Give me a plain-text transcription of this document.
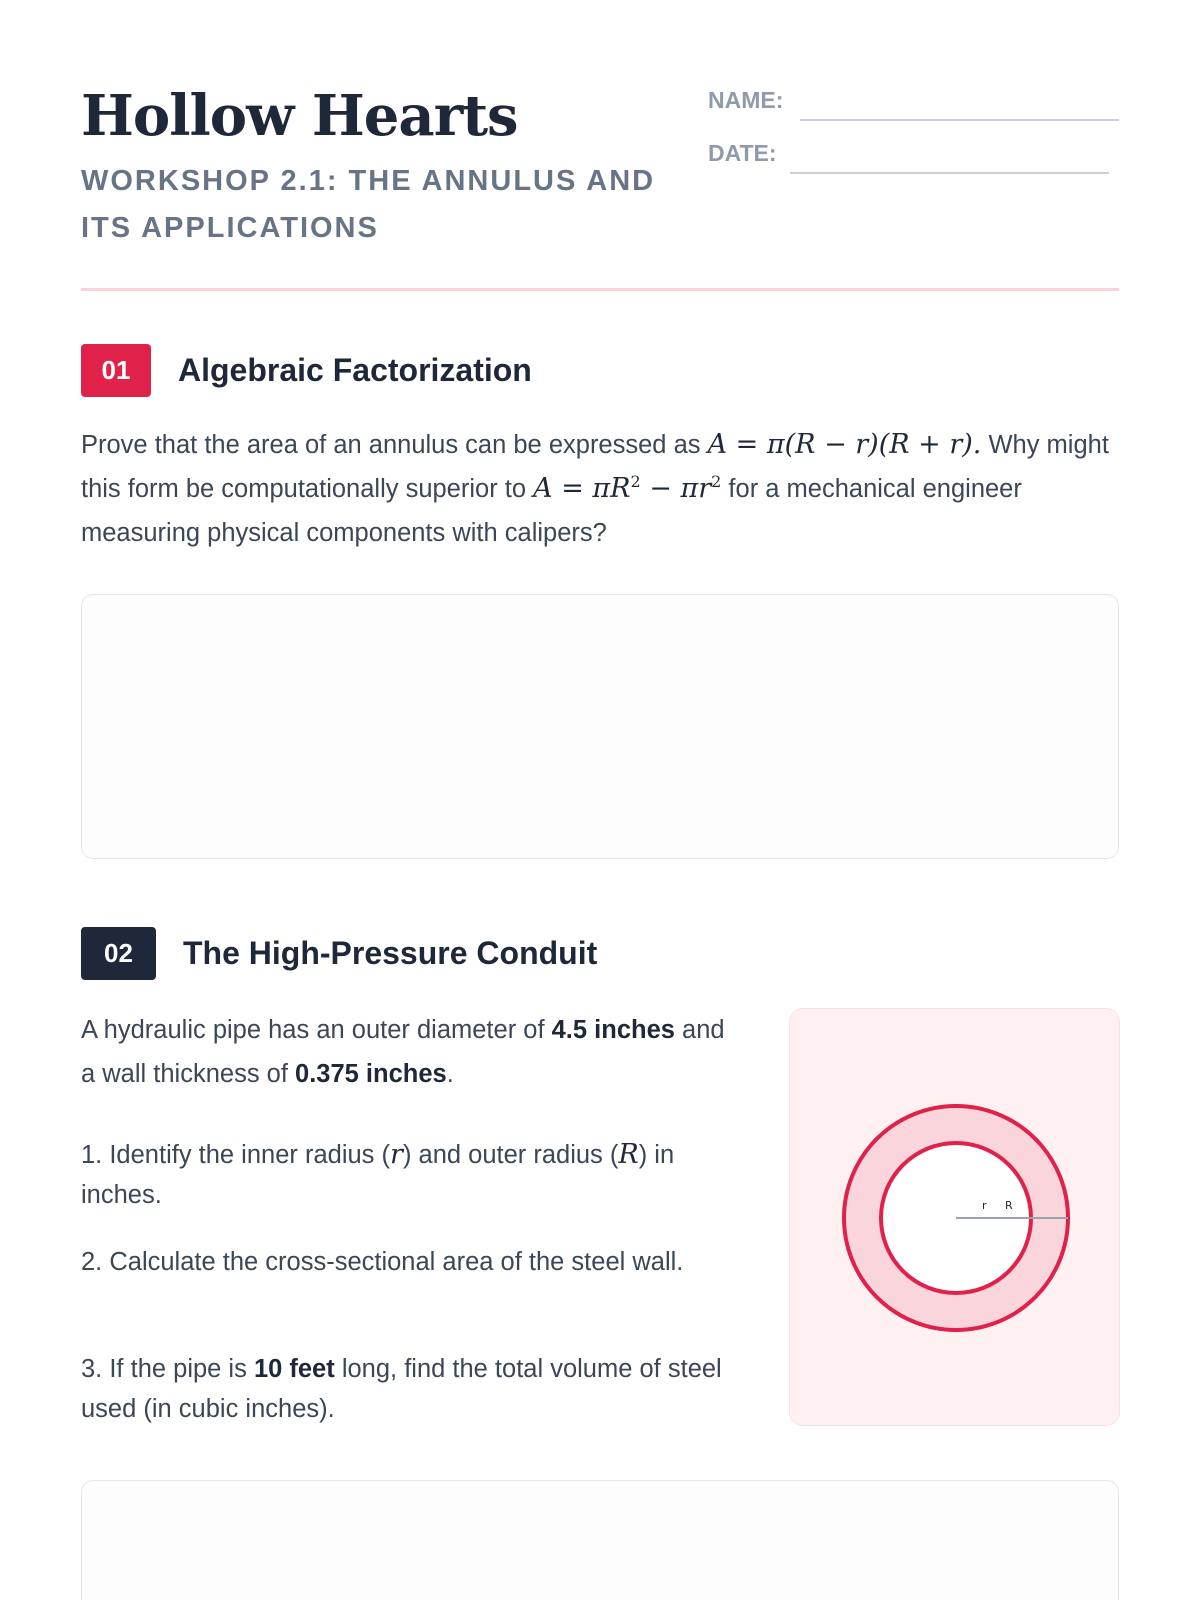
Hollow Hearts
WORKSHOP 2.1: THE ANNULUS AND ITS APPLICATIONS
NAME:
DATE:
01	Algebraic Factorization
Prove that the area of an annulus can be expressed as A = π(R − r)(R + r). Why might this form be computationally superior to $A = \pi R^2 - \pi r^2$ for a mechanical engineer measuring physical components with calipers?
02	The High-Pressure Conduit
A hydraulic pipe has an outer diameter of 4.5 inches and a wall thickness of 0.375 inches.
1. Identify the inner radius (r) and outer radius (R) in inches.
2. Calculate the cross-sectional area of the steel wall.
3. If the pipe is 10 feet long, find the total volume of steel used (in cubic inches).
r R
